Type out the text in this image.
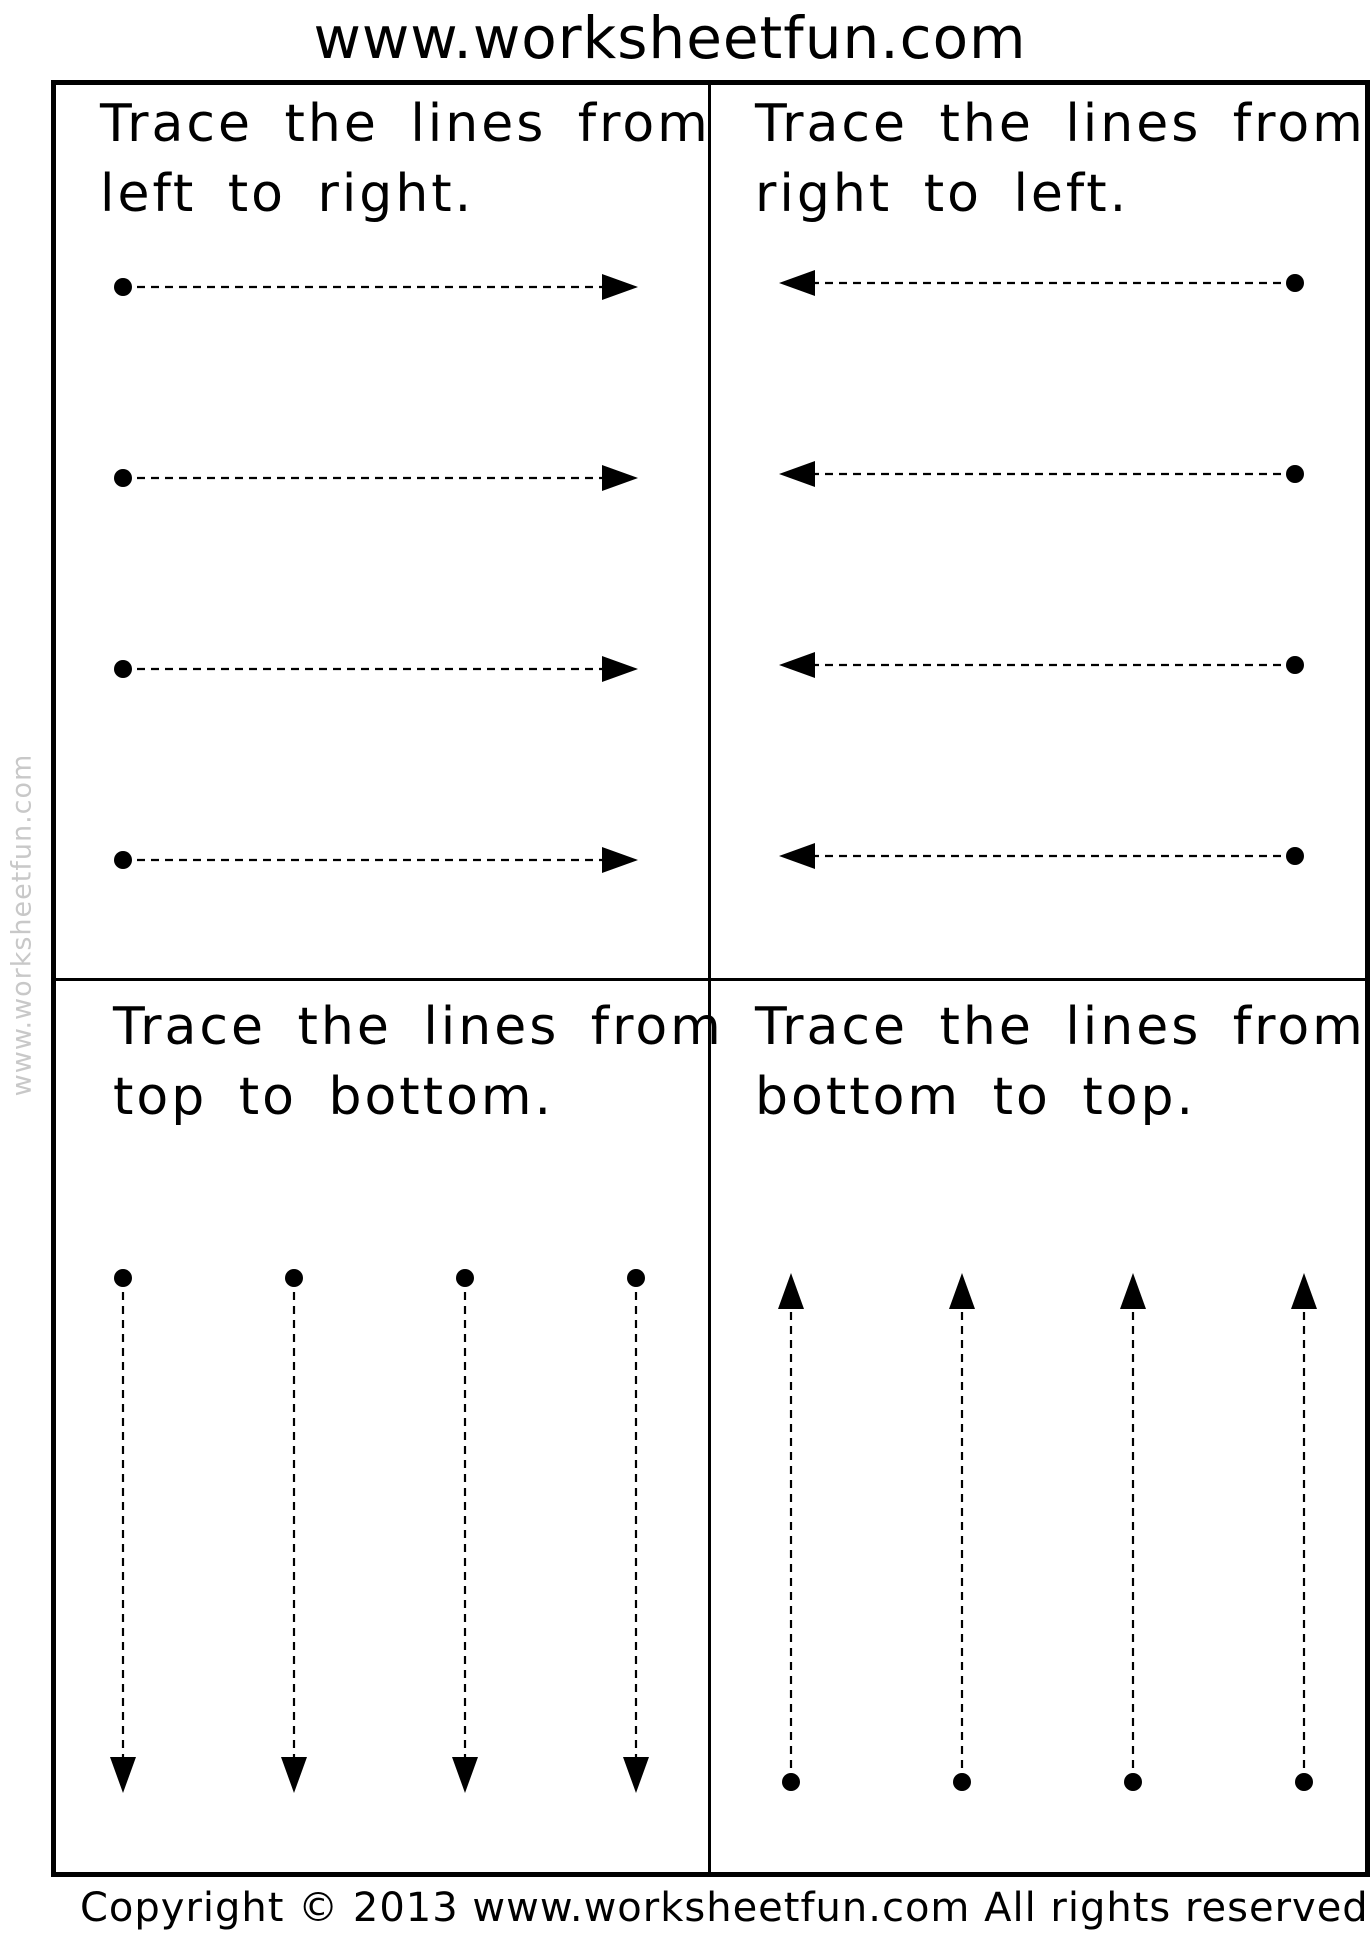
www.worksheetfun.com
www.worksheetfun.com
Trace the lines from
left to right.
Trace the lines from
right to left.
Trace the lines from
top to bottom.
Trace the lines from
bottom to top.
Copyright © 2013 www.worksheetfun.com All rights reserved
